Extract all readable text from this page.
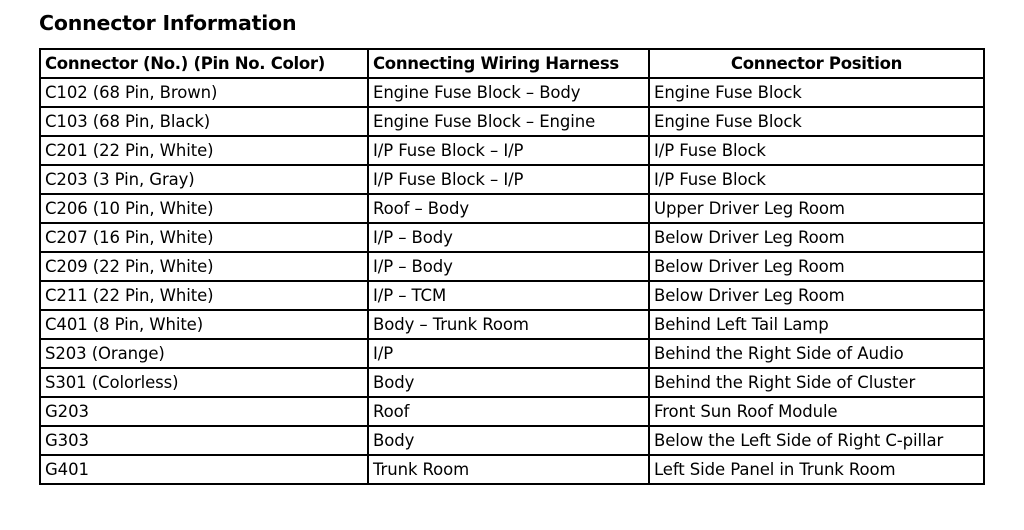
Connector Information
Connector (No.) (Pin No. Color)	Connecting Wiring Harness	Connector Position
C102 (68 Pin, Brown)	Engine Fuse Block – Body	Engine Fuse Block
C103 (68 Pin, Black)	Engine Fuse Block – Engine	Engine Fuse Block
C201 (22 Pin, White)	I/P Fuse Block – I/P	I/P Fuse Block
C203 (3 Pin, Gray)	I/P Fuse Block – I/P	I/P Fuse Block
C206 (10 Pin, White)	Roof – Body	Upper Driver Leg Room
C207 (16 Pin, White)	I/P – Body	Below Driver Leg Room
C209 (22 Pin, White)	I/P – Body	Below Driver Leg Room
C211 (22 Pin, White)	I/P – TCM	Below Driver Leg Room
C401 (8 Pin, White)	Body – Trunk Room	Behind Left Tail Lamp
S203 (Orange)	I/P	Behind the Right Side of Audio
S301 (Colorless)	Body	Behind the Right Side of Cluster
G203	Roof	Front Sun Roof Module
G303	Body	Below the Left Side of Right C-pillar
G401	Trunk Room	Left Side Panel in Trunk Room
